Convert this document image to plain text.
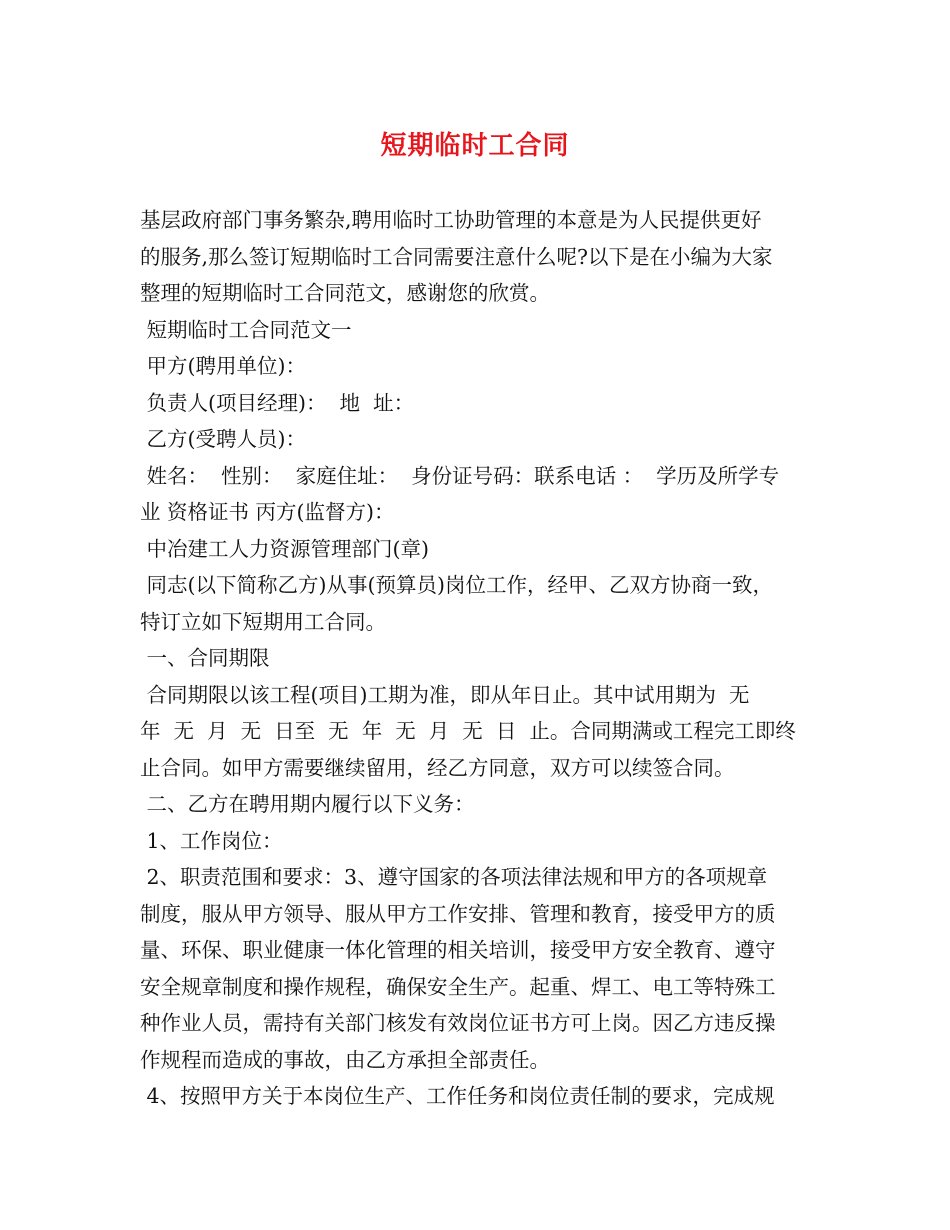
短期临时工合同
基层政府部门事务繁杂,聘用临时工协助管理的本意是为人民提供更好
的服务,那么签订短期临时工合同需要注意什么呢?以下是在小编为大家
整理的短期临时工合同范文，感谢您的欣赏。
短期临时工合同范文一
甲方(聘用单位)：
负责人(项目经理)：  地  址：
乙方(受聘人员)：
姓名：  性别：  家庭住址：  身份证号码：联系电话 ：  学历及所学专
业 资格证书 丙方(监督方)：
中冶建工人力资源管理部门(章)
同志(以下简称乙方)从事(预算员)岗位工作，经甲、乙双方协商一致，
特订立如下短期用工合同。
一、合同期限
合同期限以该工程(项目)工期为准，即从年日止。其中试用期为  无
年  无  月  无  日至  无  年  无  月  无  日  止。合同期满或工程完工即终
止合同。如甲方需要继续留用，经乙方同意，双方可以续签合同。
二、乙方在聘用期内履行以下义务：
1、工作岗位：
2、职责范围和要求：3、遵守国家的各项法律法规和甲方的各项规章
制度，服从甲方领导、服从甲方工作安排、管理和教育，接受甲方的质
量、环保、职业健康一体化管理的相关培训，接受甲方安全教育、遵守
安全规章制度和操作规程，确保安全生产。起重、焊工、电工等特殊工
种作业人员，需持有关部门核发有效岗位证书方可上岗。因乙方违反操
作规程而造成的事故，由乙方承担全部责任。
4、按照甲方关于本岗位生产、工作任务和岗位责任制的要求，完成规
